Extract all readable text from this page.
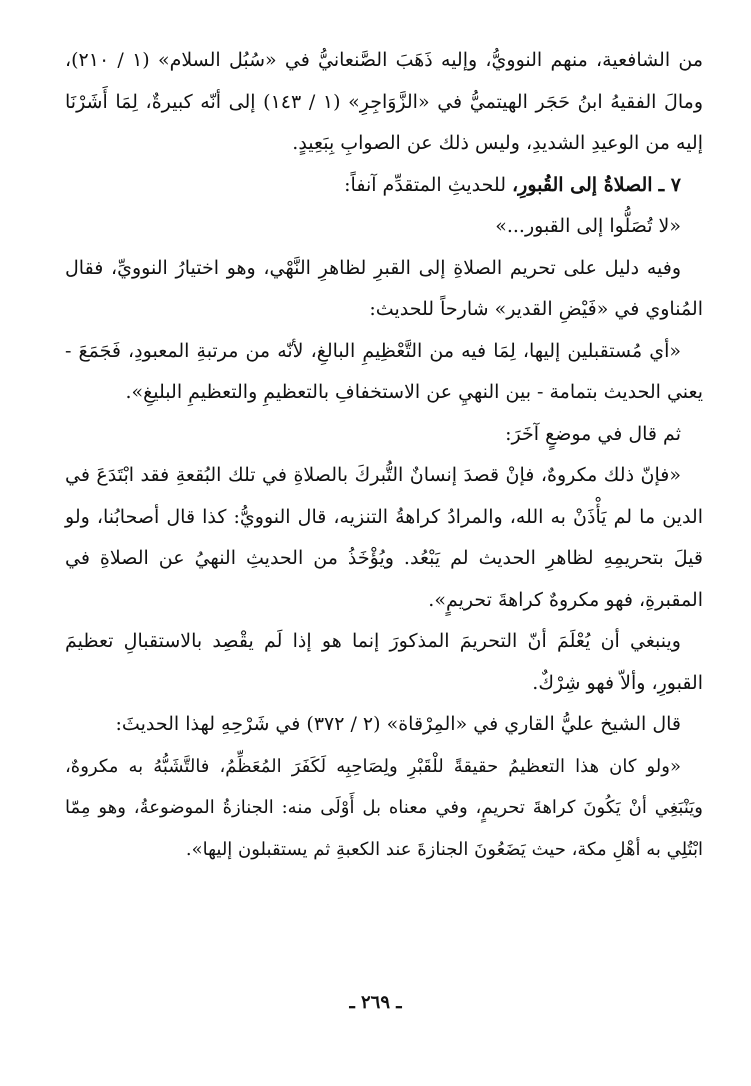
من الشافعية، منهم النوويُّ، وإليه ذَهَبَ الصَّنعانيُّ في «سُبُل السلام» (١ / ٢١٠)، ومالَ الفقيهُ ابنُ حَجَر الهيتميُّ في «الزَّوَاجِرِ» (١ / ١٤٣) إلى أنّه كبيرةٌ، لِمَا أَشَرْنَا إليه من الوعيدِ الشديدِ، وليس ذلك عن الصوابِ بِبَعِيدٍ.

٧ ـ الصلاةُ إلى القُبورِ، للحديثِ المتقدِّم آنفاً:

«لا تُصَلُّوا إلى القبور...»

وفيه دليل على تحريم الصلاةِ إلى القبرِ لظاهرِ النَّهْي، وهو اختيارُ النوويِّ، فقال المُناوي في «فَيْضِ القدير» شارحاً للحديث:

«أي مُستقبلين إليها، لِمَا فيه من التَّعْظِيمِ البالغِ، لأنّه من مرتبةِ المعبودِ، فَجَمَعَ - يعني الحديث بتمامة - بين النهيِ عن الاستخفافِ بالتعظيمِ والتعظيمِ البليغِ».

ثم قال في موضعٍ آخَرَ:

«فإنّ ذلك مكروهٌ، فإنْ قصدَ إنسانٌ التُّبركَ بالصلاةِ في تلك البُقعةِ فقد ابْتَدَعَ في الدين ما لم يَأْذَنْ به الله، والمرادُ كراهةُ التنزيه، قال النوويُّ: كذا قال أصحابُنا، ولو قيلَ بتحريمِهِ لظاهرِ الحديث لم يَبْعُد. ويُؤْخَذُ من الحديثِ النهيُ عن الصلاةِ في المقبرةِ، فهو مكروهٌ كراهةَ تحريمٍ».

وينبغي أن يُعْلَمَ أنّ التحريمَ المذكورَ إنما هو إذا لَم يقْصِد بالاستقبالِ تعظيمَ القبورِ، وألاّ فهو شِرْكٌ.

قال الشيخ عليُّ القاري في «المِرْقاة» (٢ / ٣٧٢) في شَرْحِهِ لهذا الحديثَ:

«ولو كان هذا التعظيمُ حقيقةً للْقَبْرِ ولِصَاحِبِه لَكَفَرَ المُعَظِّمُ، فالتَّشَبُّهُ به مكروهٌ، ويَنْبَغِي أنْ يَكُونَ كراهةَ تحريمٍ، وفي معناه بل أَوْلَى منه: الجنازةُ الموضوعةُ، وهو مِمّا ابْتُلِي به أهْلِ مكة، حيث يَضَعُونَ الجنازةَ عند الكعبةِ ثم يستقبلون إليها».

ـ ٢٦٩ ـ
